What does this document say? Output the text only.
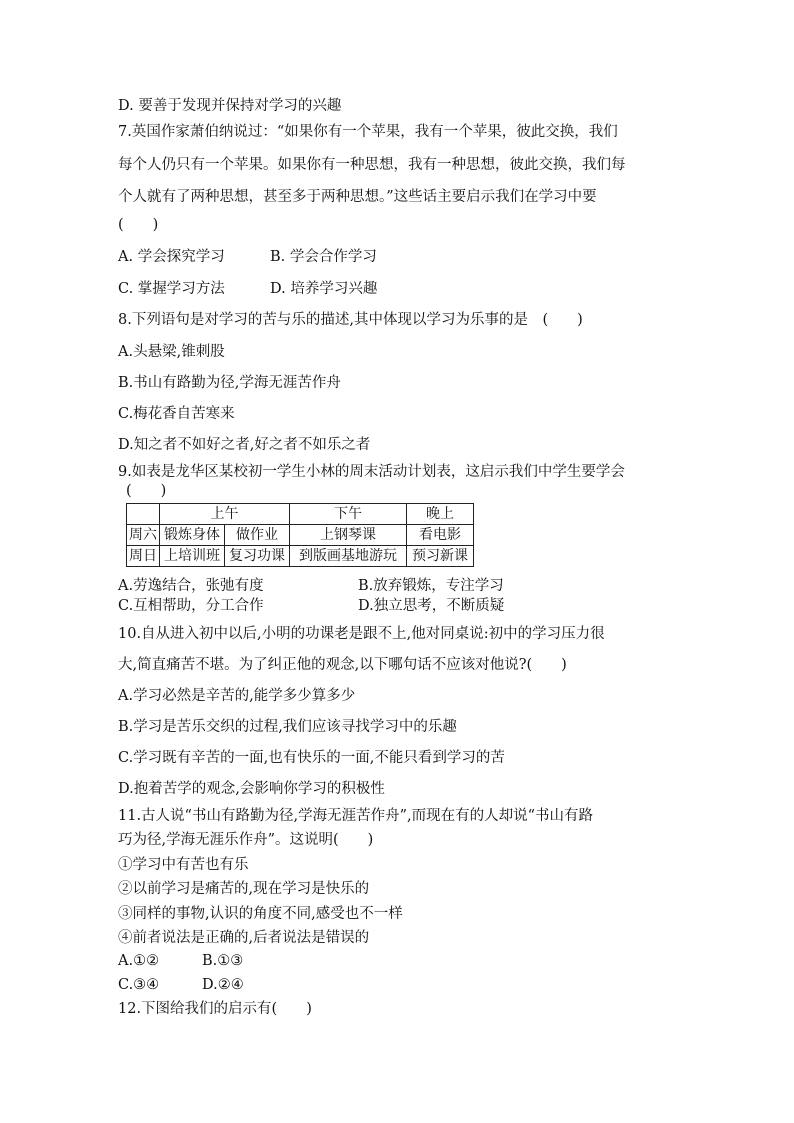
D. 要善于发现并保持对学习的兴趣
7.英国作家萧伯纳说过：“如果你有一个苹果，我有一个苹果，彼此交换，我们
每个人仍只有一个苹果。如果你有一种思想，我有一种思想，彼此交换，我们每
个人就有了两种思想，甚至多于两种思想。”这些话主要启示我们在学习中要
(　　)
A. 学会探究学习	B. 学会合作学习
C. 掌握学习方法	D. 培养学习兴趣
8.下列语句是对学习的苦与乐的描述,其中体现以学习为乐事的是　(　　)
A.头悬梁,锥刺股
B.书山有路勤为径,学海无涯苦作舟
C.梅花香自苦寒来
D.知之者不如好之者,好之者不如乐之者
9.如表是龙华区某校初一学生小林的周末活动计划表，这启示我们中学生要学会
(　　)
	上午		下午	晚上
周六	锻炼身体	做作业	上钢琴课	看电影
周日	上培训班	复习功课	到版画基地游玩	预习新课
A.劳逸结合，张弛有度	B.放弃锻炼，专注学习
C.互相帮助，分工合作	D.独立思考，不断质疑
10.自从进入初中以后,小明的功课老是跟不上,他对同桌说:初中的学习压力很
大,简直痛苦不堪。为了纠正他的观念,以下哪句话不应该对他说?(　　)
A.学习必然是辛苦的,能学多少算多少
B.学习是苦乐交织的过程,我们应该寻找学习中的乐趣
C.学习既有辛苦的一面,也有快乐的一面,不能只看到学习的苦
D.抱着苦学的观念,会影响你学习的积极性
11.古人说“书山有路勤为径,学海无涯苦作舟”,而现在有的人却说“书山有路
巧为径,学海无涯乐作舟”。这说明(　　)
①学习中有苦也有乐
②以前学习是痛苦的,现在学习是快乐的
③同样的事物,认识的角度不同,感受也不一样
④前者说法是正确的,后者说法是错误的
A.①②	B.①③
C.③④	D.②④
12.下图给我们的启示有(　　)
